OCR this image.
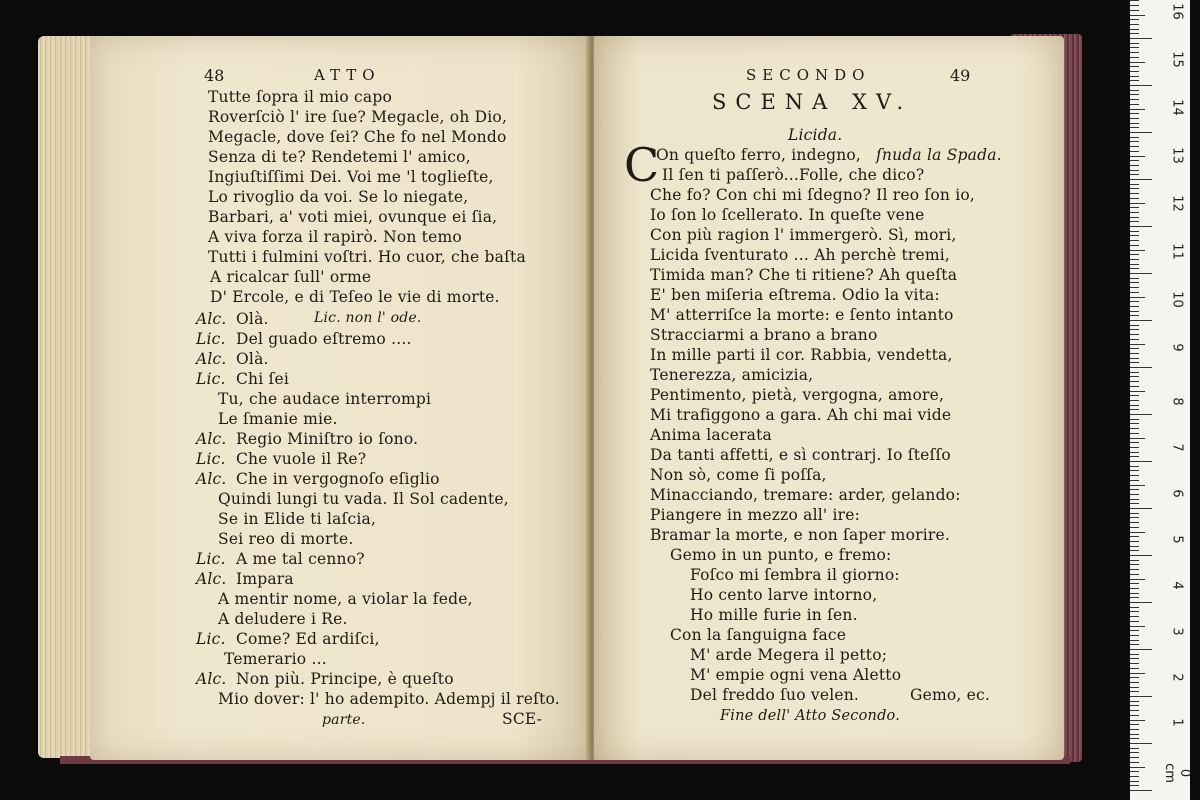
48	ATTO
Tutte ſopra il mio capo
Roverſciò l' ire ſue? Megacle, oh Dio,
Megacle, dove ſei? Che fo nel Mondo
Senza di te? Rendetemi l' amico,
Ingiuſtiſſimi Dei. Voi me 'l toglieſte,
Lo rivoglio da voi. Se lo niegate,
Barbari, a' voti miei, ovunque ei ſia,
A viva forza il rapirò. Non temo
Tutti i fulmini voſtri. Ho cuor, che baſta
A ricalcar ſull' orme
D' Ercole, e di Teſeo le vie di morte.
Alc. Olà.	Lic. non l' ode.
Lic. Del guado eſtremo ....
Alc. Olà.
Lic. Chi ſei
Tu, che audace interrompi
Le ſmanie mie.
Alc. Regio Miniſtro io ſono.
Lic. Che vuole il Re?
Alc. Che in vergognoſo eſiglio
Quindi lungi tu vada. Il Sol cadente,
Se in Elide ti laſcia,
Sei reo di morte.
Lic. A me tal cenno?
Alc. Impara
A mentir nome, a violar la fede,
A deludere i Re.
Lic. Come? Ed ardiſci,
Temerario ...
Alc. Non più. Principe, è queſto
Mio dover: l' ho adempito. Adempj il reſto.
parte.	SCE-
SECONDO	49
SCENA XV.
Licida.
C
On queſto ferro, indegno, ſnuda la Spada.
Il ſen ti paſſerò...Folle, che dico?
Che fo? Con chi mi ſdegno? Il reo ſon io,
Io ſon lo ſcellerato. In queſte vene
Con più ragion l' immergerò. Sì, mori,
Licida ſventurato ... Ah perchè tremi,
Timida man? Che ti ritiene? Ah queſta
E' ben miſeria eſtrema. Odio la vita:
M' atterriſce la morte: e ſento intanto
Stracciarmi a brano a brano
In mille parti il cor. Rabbia, vendetta,
Tenerezza, amicizia,
Pentimento, pietà, vergogna, amore,
Mi trafiggono a gara. Ah chi mai vide
Anima lacerata
Da tanti affetti, e sì contrarj. Io ſteſſo
Non sò, come ſi poſſa,
Minacciando, tremare: arder, gelando:
Piangere in mezzo all' ire:
Bramar la morte, e non ſaper morire.
Gemo in un punto, e fremo:
Foſco mi ſembra il giorno:
Ho cento larve intorno,
Ho mille furie in ſen.
Con la ſanguigna face
M' arde Megera il petto;
M' empie ogni vena Aletto
Del freddo ſuo velen.	Gemo, ec.
Fine dell' Atto Secondo.
0 cm
1
2
3
4
5
6
7
8
9
10
11
12
13
14
15
16
